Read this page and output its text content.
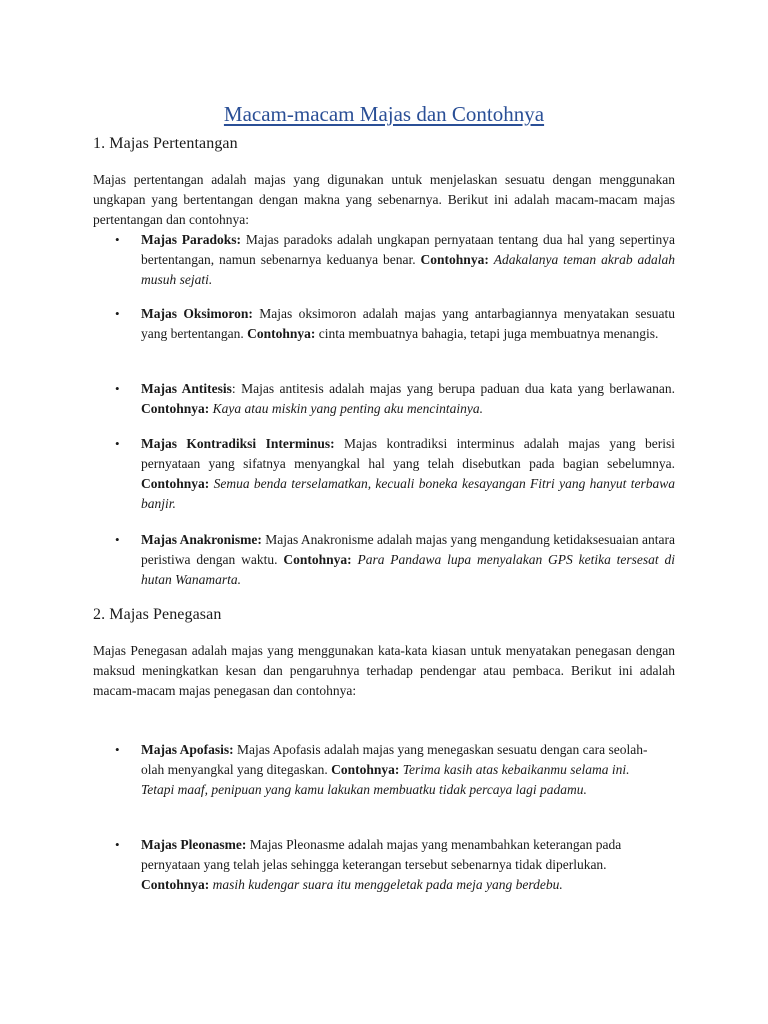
Macam-macam Majas dan Contohnya
1. Majas Pertentangan

Majas pertentangan adalah majas yang digunakan untuk menjelaskan sesuatu dengan menggunakan ungkapan yang bertentangan dengan makna yang sebenarnya. Berikut ini adalah macam-macam majas pertentangan dan contohnya:

• Majas Paradoks: Majas paradoks adalah ungkapan pernyataan tentang dua hal yang sepertinya bertentangan, namun sebenarnya keduanya benar. Contohnya: Adakalanya teman akrab adalah musuh sejati.
• Majas Oksimoron: Majas oksimoron adalah majas yang antarbagiannya menyatakan sesuatu yang bertentangan. Contohnya: cinta membuatnya bahagia, tetapi juga membuatnya menangis.
• Majas Antitesis: Majas antitesis adalah majas yang berupa paduan dua kata yang berlawanan. Contohnya: Kaya atau miskin yang penting aku mencintainya.
• Majas Kontradiksi Interminus: Majas kontradiksi interminus adalah majas yang berisi pernyataan yang sifatnya menyangkal hal yang telah disebutkan pada bagian sebelumnya. Contohnya: Semua benda terselamatkan, kecuali boneka kesayangan Fitri yang hanyut terbawa banjir.
• Majas Anakronisme: Majas Anakronisme adalah majas yang mengandung ketidaksesuaian antara peristiwa dengan waktu. Contohnya: Para Pandawa lupa menyalakan GPS ketika tersesat di hutan Wanamarta.
2. Majas Penegasan

Majas Penegasan adalah majas yang menggunakan kata-kata kiasan untuk menyatakan penegasan dengan maksud meningkatkan kesan dan pengaruhnya terhadap pendengar atau pembaca. Berikut ini adalah macam-macam majas penegasan dan contohnya:

• Majas Apofasis: Majas Apofasis adalah majas yang menegaskan sesuatu dengan cara seolah-olah menyangkal yang ditegaskan. Contohnya: Terima kasih atas kebaikanmu selama ini. Tetapi maaf, penipuan yang kamu lakukan membuatku tidak percaya lagi padamu.
• Majas Pleonasme: Majas Pleonasme adalah majas yang menambahkan keterangan pada pernyataan yang telah jelas sehingga keterangan tersebut sebenarnya tidak diperlukan. Contohnya: masih kudengar suara itu menggeletak pada meja yang berdebu.
